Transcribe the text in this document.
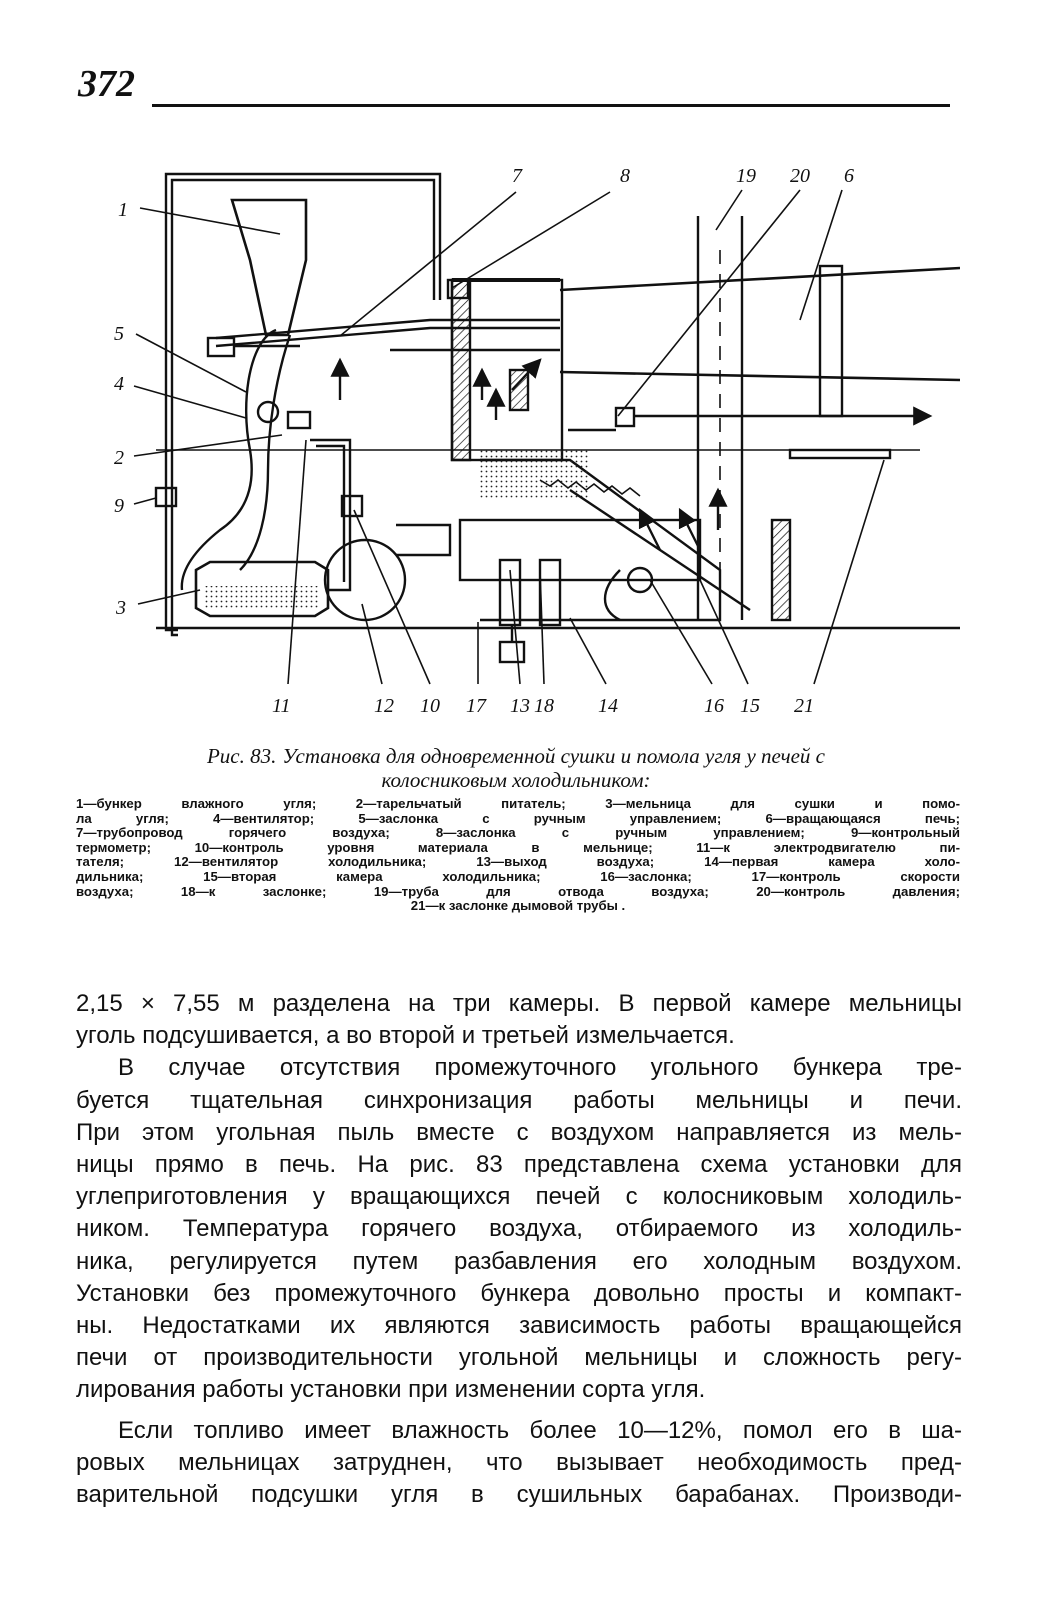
372
1
5
4
2
9
3
7	8	19 20 6
11	12 10 17 13 18 14	16 15 21
Рис. 83. Установка для одновременной сушки и помола угля у печей с
колосниковым холодильником:
1—бункер влажного угля; 2—тарельчатый питатель; 3—мельница для сушки и помо-
ла угля; 4—вентилятор; 5—заслонка с ручным управлением; 6—вращающаяся печь;
7—трубопровод горячего воздуха; 8—заслонка с ручным управлением; 9—контрольный
термометр; 10—контроль уровня материала в мельнице; 11—к электродвигателю пи-
тателя; 12—вентилятор холодильника; 13—выход воздуха; 14—первая камера холо-
дильника; 15—вторая камера холодильника; 16—заслонка; 17—контроль скорости
воздуха; 18—к заслонке; 19—труба для отвода воздуха; 20—контроль давления;
21—к заслонке дымовой трубы .
2,15 × 7,55 м разделена на три камеры. В первой камере мельницы
уголь подсушивается, а во второй и третьей измельчается.
В случае отсутствия промежуточного угольного бункера тре-
буется тщательная синхронизация работы мельницы и печи.
При этом угольная пыль вместе с воздухом направляется из мель-
ницы прямо в печь. На рис. 83 представлена схема установки для
углеприготовления у вращающихся печей с колосниковым холодиль-
ником. Температура горячего воздуха, отбираемого из холодиль-
ника, регулируется путем разбавления его холодным воздухом.
Установки без промежуточного бункера довольно просты и компакт-
ны. Недостатками их являются зависимость работы вращающейся
печи от производительности угольной мельницы и сложность регу-
лирования работы установки при изменении сорта угля.
Если топливо имеет влажность более 10—12%, помол его в ша-
ровых мельницах затруднен, что вызывает необходимость пред-
варительной подсушки угля в сушильных барабанах. Производи-
